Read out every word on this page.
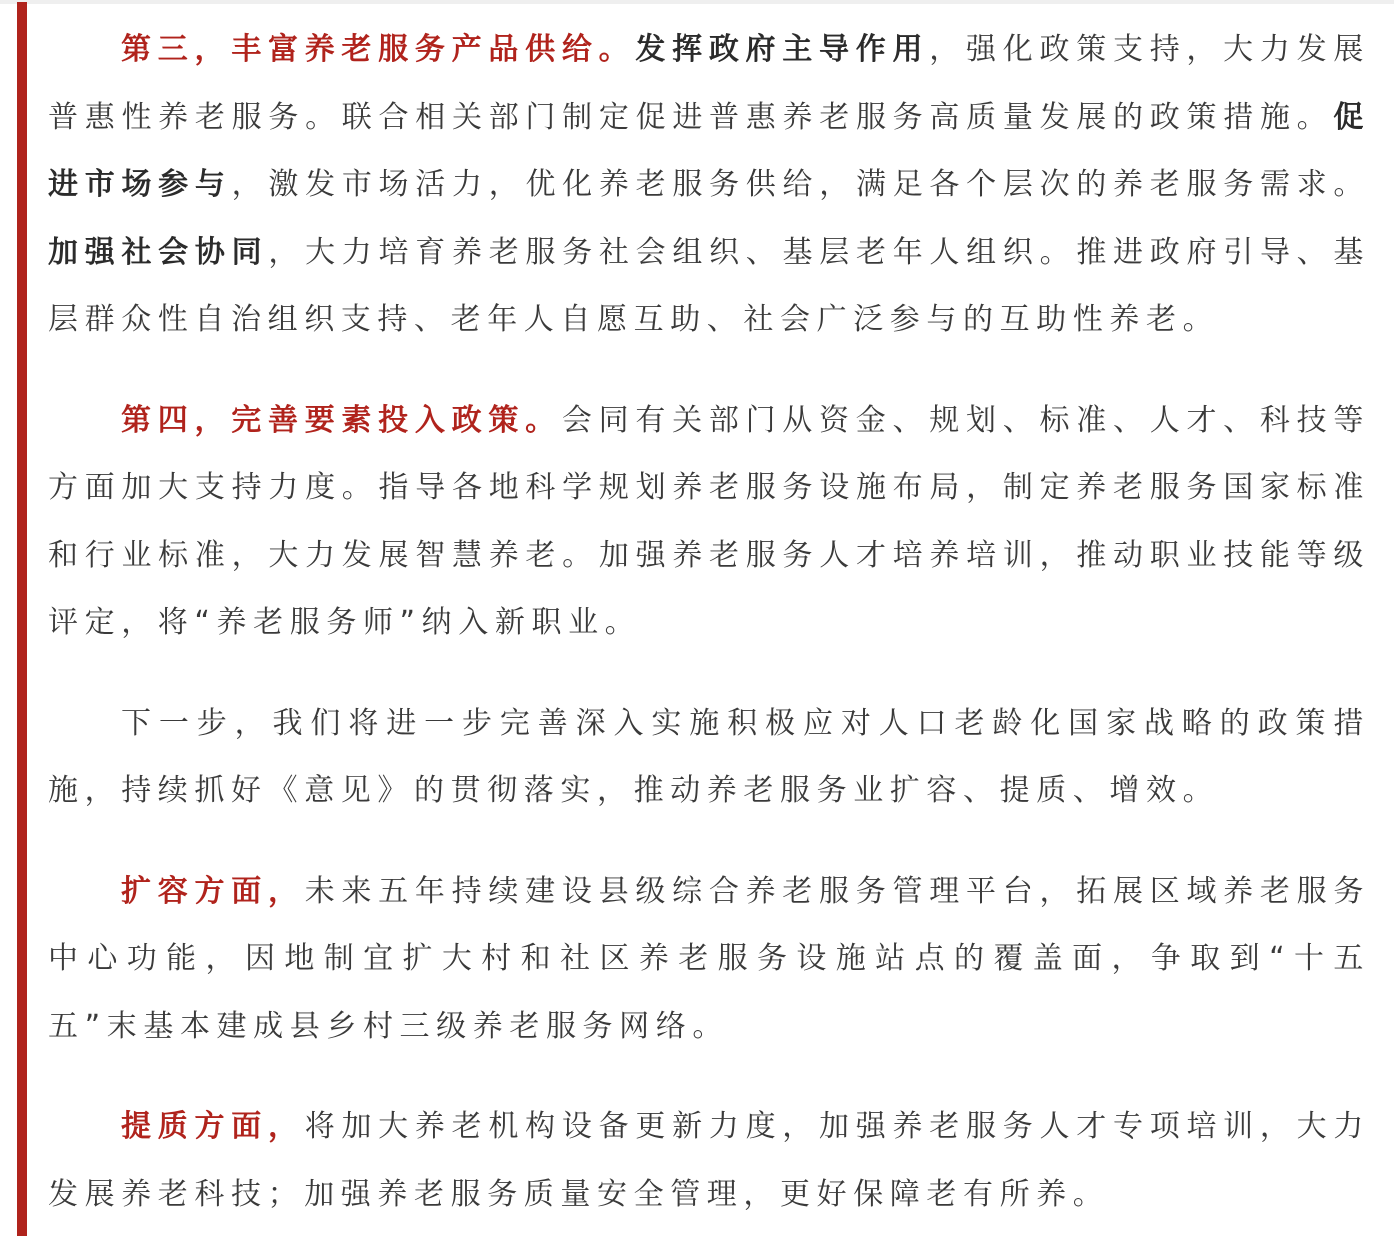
第三，丰富养老服务产品供给。发挥政府主导作用，强化政策支持，大力发展普惠性养老服务。联合相关部门制定促进普惠养老服务高质量发展的政策措施。促进市场参与，激发市场活力，优化养老服务供给，满足各个层次的养老服务需求。加强社会协同，大力培育养老服务社会组织、基层老年人组织。推进政府引导、基层群众性自治组织支持、老年人自愿互助、社会广泛参与的互助性养老。

第四，完善要素投入政策。会同有关部门从资金、规划、标准、人才、科技等方面加大支持力度。指导各地科学规划养老服务设施布局，制定养老服务国家标准和行业标准，大力发展智慧养老。加强养老服务人才培养培训，推动职业技能等级评定，将“养老服务师”纳入新职业。

下一步，我们将进一步完善深入实施积极应对人口老龄化国家战略的政策措施，持续抓好《意见》的贯彻落实，推动养老服务业扩容、提质、增效。

扩容方面，未来五年持续建设县级综合养老服务管理平台，拓展区域养老服务中心功能，因地制宜扩大村和社区养老服务设施站点的覆盖面，争取到“十五五”末基本建成县乡村三级养老服务网络。

提质方面，将加大养老机构设备更新力度，加强养老服务人才专项培训，大力发展养老科技；加强养老服务质量安全管理，更好保障老有所养。
